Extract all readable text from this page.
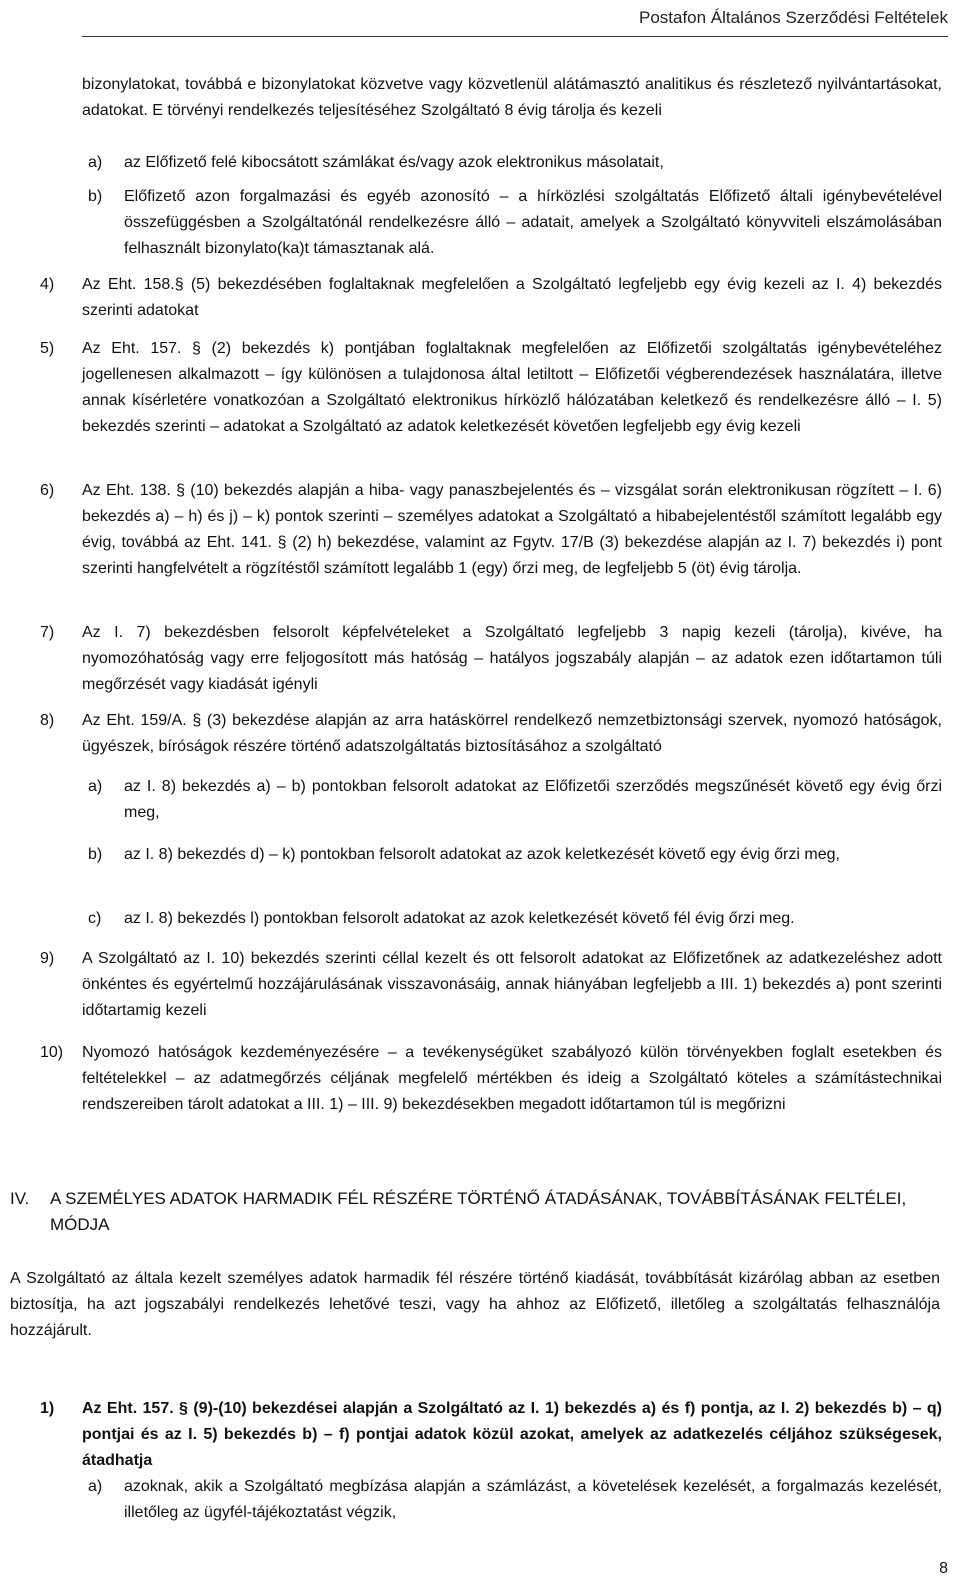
Postafon Általános Szerződési Feltételek

bizonylatokat, továbbá e bizonylatokat közvetve vagy közvetlenül alátámasztó analitikus és részletező nyilvántartásokat, adatokat. E törvényi rendelkezés teljesítéséhez Szolgáltató 8 évig tárolja és kezeli

a) az Előfizető felé kibocsátott számlákat és/vagy azok elektronikus másolatait,

b) Előfizető azon forgalmazási és egyéb azonosító – a hírközlési szolgáltatás Előfizető általi igénybevételével összefüggésben a Szolgáltatónál rendelkezésre álló – adatait, amelyek a Szolgáltató könyvviteli elszámolásában felhasznált bizonylato(ka)t támasztanak alá.

4) Az Eht. 158.§ (5) bekezdésében foglaltaknak megfelelően a Szolgáltató legfeljebb egy évig kezeli az I. 4) bekezdés szerinti adatokat

5) Az Eht. 157. § (2) bekezdés k) pontjában foglaltaknak megfelelően az Előfizetői szolgáltatás igénybevételéhez jogellenesen alkalmazott – így különösen a tulajdonosa által letiltott – Előfizetői végberendezések használatára, illetve annak kísérletére vonatkozóan a Szolgáltató elektronikus hírközlő hálózatában keletkező és rendelkezésre álló – I. 5) bekezdés szerinti – adatokat a Szolgáltató az adatok keletkezését követően legfeljebb egy évig kezeli

6) Az Eht. 138. § (10) bekezdés alapján a hiba- vagy panaszbejelentés és – vizsgálat során elektronikusan rögzített – I. 6) bekezdés a) – h) és j) – k) pontok szerinti – személyes adatokat a Szolgáltató a hibabejelentéstől számított legalább egy évig, továbbá az Eht. 141. § (2) h) bekezdése, valamint az Fgytv. 17/B (3) bekezdése alapján az I. 7) bekezdés i) pont szerinti hangfelvételt a rögzítéstől számított legalább 1 (egy) őrzi meg, de legfeljebb 5 (öt) évig tárolja.

7) Az I. 7) bekezdésben felsorolt képfelvételeket a Szolgáltató legfeljebb 3 napig kezeli (tárolja), kivéve, ha nyomozóhatóság vagy erre feljogosított más hatóság – hatályos jogszabály alapján – az adatok ezen időtartamon túli megőrzését vagy kiadását igényli

8) Az Eht. 159/A. § (3) bekezdése alapján az arra hatáskörrel rendelkező nemzetbiztonsági szervek, nyomozó hatóságok, ügyészek, bíróságok részére történő adatszolgáltatás biztosításához a szolgáltató

a) az I. 8) bekezdés a) – b) pontokban felsorolt adatokat az Előfizetői szerződés megszűnését követő egy évig őrzi meg,

b) az I. 8) bekezdés d) – k) pontokban felsorolt adatokat az azok keletkezését követő egy évig őrzi meg,

c) az I. 8) bekezdés l) pontokban felsorolt adatokat az azok keletkezését követő fél évig őrzi meg.

9) A Szolgáltató az I. 10) bekezdés szerinti céllal kezelt és ott felsorolt adatokat az Előfizetőnek az adatkezeléshez adott önkéntes és egyértelmű hozzájárulásának visszavonásáig, annak hiányában legfeljebb a III. 1) bekezdés a) pont szerinti időtartamig kezeli

10) Nyomozó hatóságok kezdeményezésére – a tevékenységüket szabályozó külön törvényekben foglalt esetekben és feltételekkel – az adatmegőrzés céljának megfelelő mértékben és ideig a Szolgáltató köteles a számítástechnikai rendszereiben tárolt adatokat a III. 1) – III. 9) bekezdésekben megadott időtartamon túl is megőrizni

IV. A SZEMÉLYES ADATOK HARMADIK FÉL RÉSZÉRE TÖRTÉNŐ ÁTADÁSÁNAK, TOVÁBBÍTÁSÁNAK FELTÉLEI, MÓDJA

A Szolgáltató az általa kezelt személyes adatok harmadik fél részére történő kiadását, továbbítását kizárólag abban az esetben biztosítja, ha azt jogszabályi rendelkezés lehetővé teszi, vagy ha ahhoz az Előfizető, illetőleg a szolgáltatás felhasználója hozzájárult.

1) Az Eht. 157. § (9)-(10) bekezdései alapján a Szolgáltató az I. 1) bekezdés a) és f) pontja, az I. 2) bekezdés b) – q) pontjai és az I. 5) bekezdés b) – f) pontjai adatok közül azokat, amelyek az adatkezelés céljához szükségesek, átadhatja

a) azoknak, akik a Szolgáltató megbízása alapján a számlázást, a követelések kezelését, a forgalmazás kezelését, illetőleg az ügyfél-tájékoztatást végzik,

8
